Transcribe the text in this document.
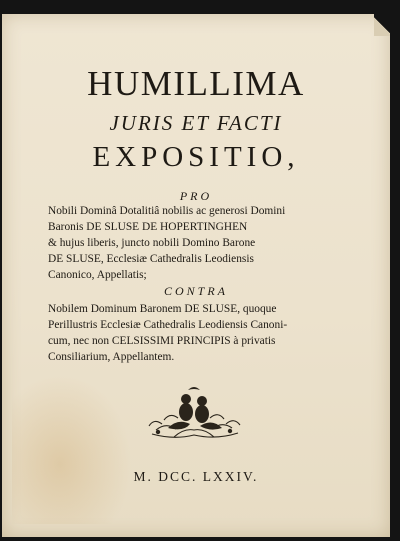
HUMILLIMA
JURIS ET FACTI
EXPOSITIO,
PRO
Nobili Dominâ Dotalitiâ nobilis ac generosi Domini
Baronis DE SLUSE DE HOPERTINGHEN
& hujus liberis, juncto nobili Domino Barone
DE SLUSE, Ecclesiæ Cathedralis Leodiensis
Canonico, Appellatis;
CONTRA
Nobilem Dominum Baronem DE SLUSE, quoque
Perillustris Ecclesiæ Cathedralis Leodiensis Canoni-
cum, nec non CELSISSIMI PRINCIPIS à privatis
Consiliarium, Appellantem.
M. DCC. LXXIV.
